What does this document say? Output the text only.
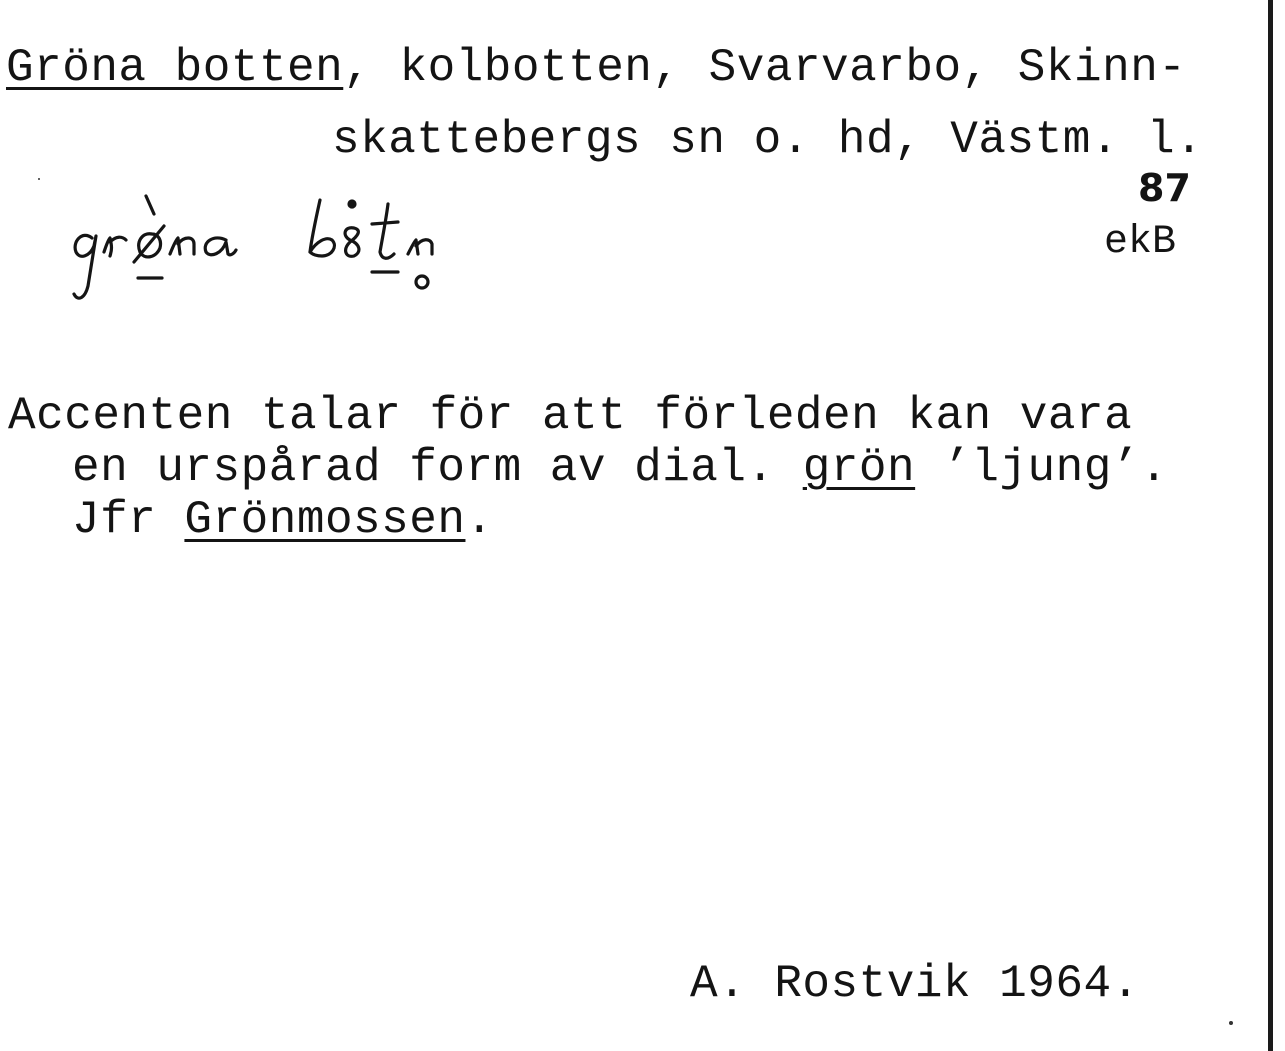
Gröna botten, kolbotten, Svarvarbo, Skinn-
skattebergs sn o. hd, Västm. l.
87
ekB
Accenten talar för att förleden kan vara
en urspårad form av dial. grön ’ljung’.
Jfr Grönmossen.
A. Rostvik 1964.
